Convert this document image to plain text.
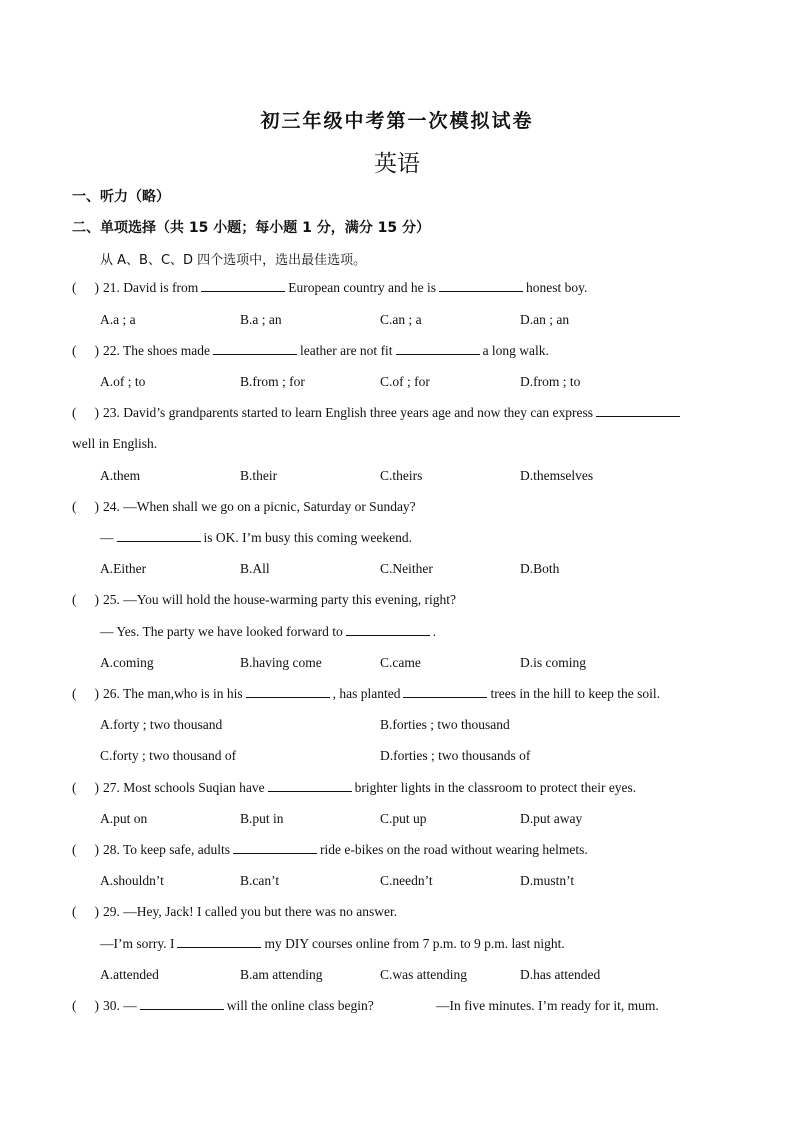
初三年级中考第一次模拟试卷
英语
一、听力（略）
二、单项选择（共 15 小题；每小题 1 分，满分 15 分）
从 A、B、C、D 四个选项中，选出最佳选项。
( ) 21. David is from	European country and he is	honest boy.
A.a ; a	B.a ; an	C.an ; a	D.an ; an
( ) 22. The shoes made	leather are not fit	a long walk.
A.of ; to	B.from ; for	C.of ; for	D.from ; to
( ) 23. David’s grandparents started to learn English three years age and now they can express
well in English.
A.them	B.their	C.theirs	D.themselves
( ) 24. —When shall we go on a picnic, Saturday or Sunday?
—	is OK. I’m busy this coming weekend.
A.Either	B.All	C.Neither	D.Both
( ) 25. —You will hold the house-warming party this evening, right?
— Yes. The party we have looked forward to	.
A.coming	B.having come	C.came	D.is coming
( ) 26. The man,who is in his	, has planted	trees in the hill to keep the soil.
A.forty ; two thousand	B.forties ; two thousand
C.forty ; two thousand of	D.forties ; two thousands of
( ) 27. Most schools Suqian have	brighter lights in the classroom to protect their eyes.
A.put on	B.put in	C.put up	D.put away
( ) 28. To keep safe, adults	ride e-bikes on the road without wearing helmets.
A.shouldn’t	B.can’t	C.needn’t	D.mustn’t
( ) 29. —Hey, Jack! I called you but there was no answer.
—I’m sorry. I	my DIY courses online from 7 p.m. to 9 p.m. last night.
A.attended	B.am attending	C.was attending	D.has attended
( ) 30. —	will the online class begin?	—In five minutes. I’m ready for it, mum.
